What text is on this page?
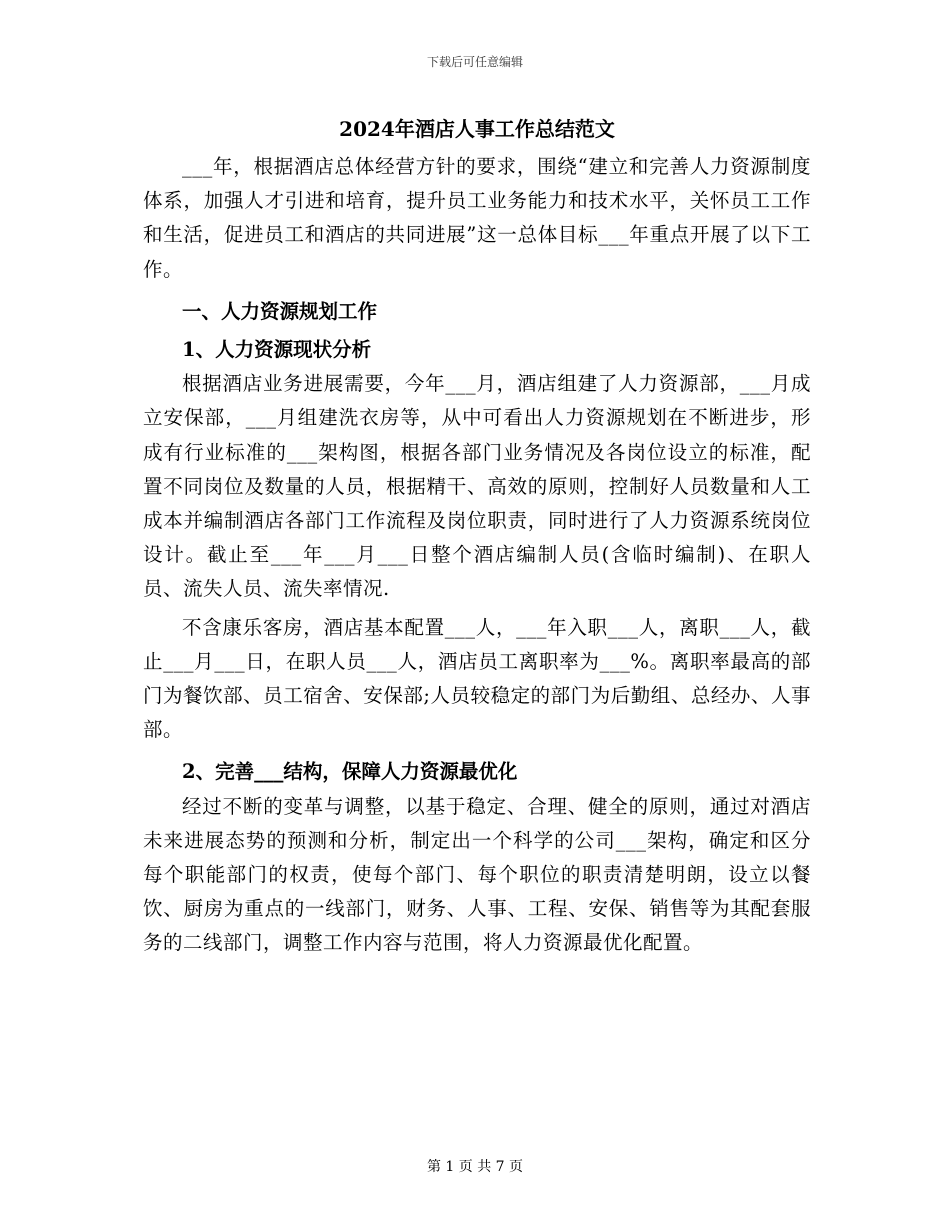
下载后可任意编辑
2024年酒店人事工作总结范文

___年，根据酒店总体经营方针的要求，围绕“建立和完善人力资源制度体系，加强人才引进和培育，提升员工业务能力和技术水平，关怀员工工作和生活，促进员工和酒店的共同进展”这一总体目标___年重点开展了以下工作。

一、人力资源规划工作
1、人力资源现状分析

根据酒店业务进展需要，今年___月，酒店组建了人力资源部，___月成立安保部，___月组建洗衣房等，从中可看出人力资源规划在不断进步，形成有行业标准的___架构图，根据各部门业务情况及各岗位设立的标准，配置不同岗位及数量的人员，根据精干、高效的原则，控制好人员数量和人工成本并编制酒店各部门工作流程及岗位职责，同时进行了人力资源系统岗位设计。截止至___年___月___日整个酒店编制人员(含临时编制)、在职人员、流失人员、流失率情况.

不含康乐客房，酒店基本配置___人，___年入职___人，离职___人，截止___月___日，在职人员___人，酒店员工离职率为___%。离职率最高的部门为餐饮部、员工宿舍、安保部;人员较稳定的部门为后勤组、总经办、人事部。

2、完善___结构，保障人力资源最优化

经过不断的变革与调整，以基于稳定、合理、健全的原则，通过对酒店未来进展态势的预测和分析，制定出一个科学的公司___架构，确定和区分每个职能部门的权责，使每个部门、每个职位的职责清楚明朗，设立以餐饮、厨房为重点的一线部门，财务、人事、工程、安保、销售等为其配套服务的二线部门，调整工作内容与范围，将人力资源最优化配置。

第 1 页 共 7 页
